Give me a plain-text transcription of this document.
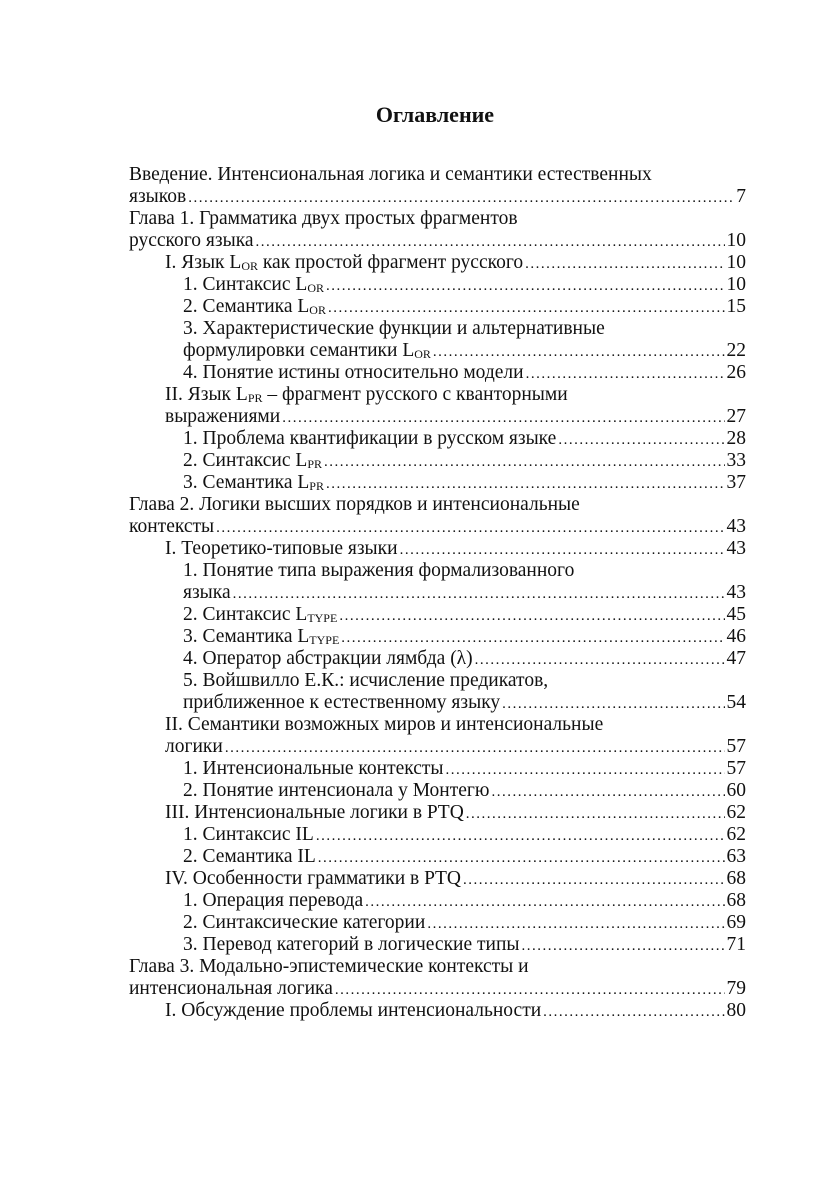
Оглавление
Введение. Интенсиональная логика и семантики естественных
языков .....	7
Глава 1. Грамматика двух простых фрагментов
русского языка .....	10
I. Язык $L_{OR}$ как простой фрагмент русского .....	10
1. Синтаксис $L_{OR}$ .....	10
2. Семантика $L_{OR}$ .....	15
3. Характеристические функции и альтернативные
формулировки семантики $L_{OR}$ .....	22
4. Понятие истины относительно модели .....	26
II. Язык $L_{PR}$ – фрагмент русского с кванторными
выражениями .....	27
1. Проблема квантификации в русском языке .....	28
2. Синтаксис $L_{PR}$ .....	33
3. Семантика $L_{PR}$ .....	37
Глава 2. Логики высших порядков и интенсиональные
контексты .....	43
I. Теоретико-типовые языки .....	43
1. Понятие типа выражения формализованного
языка .....	43
2. Синтаксис $L_{TYPE}$ .....	45
3. Семантика $L_{TYPE}$ .....	46
4. Оператор абстракции лямбда (λ) .....	47
5. Войшвилло Е.К.: исчисление предикатов,
приближенное к естественному языку .....	54
II. Семантики возможных миров и интенсиональные
логики .....	57
1. Интенсиональные контексты .....	57
2. Понятие интенсионала у Монтегю .....	60
III. Интенсиональные логики в PTQ .....	62
1. Синтаксис IL .....	62
2. Семантика IL .....	63
IV. Особенности грамматики в PTQ .....	68
1. Операция перевода .....	68
2. Синтаксические категории .....	69
3. Перевод категорий в логические типы .....	71
Глава 3. Модально-эпистемические контексты и
интенсиональная логика .....	79
I. Обсуждение проблемы интенсиональности .....	80
